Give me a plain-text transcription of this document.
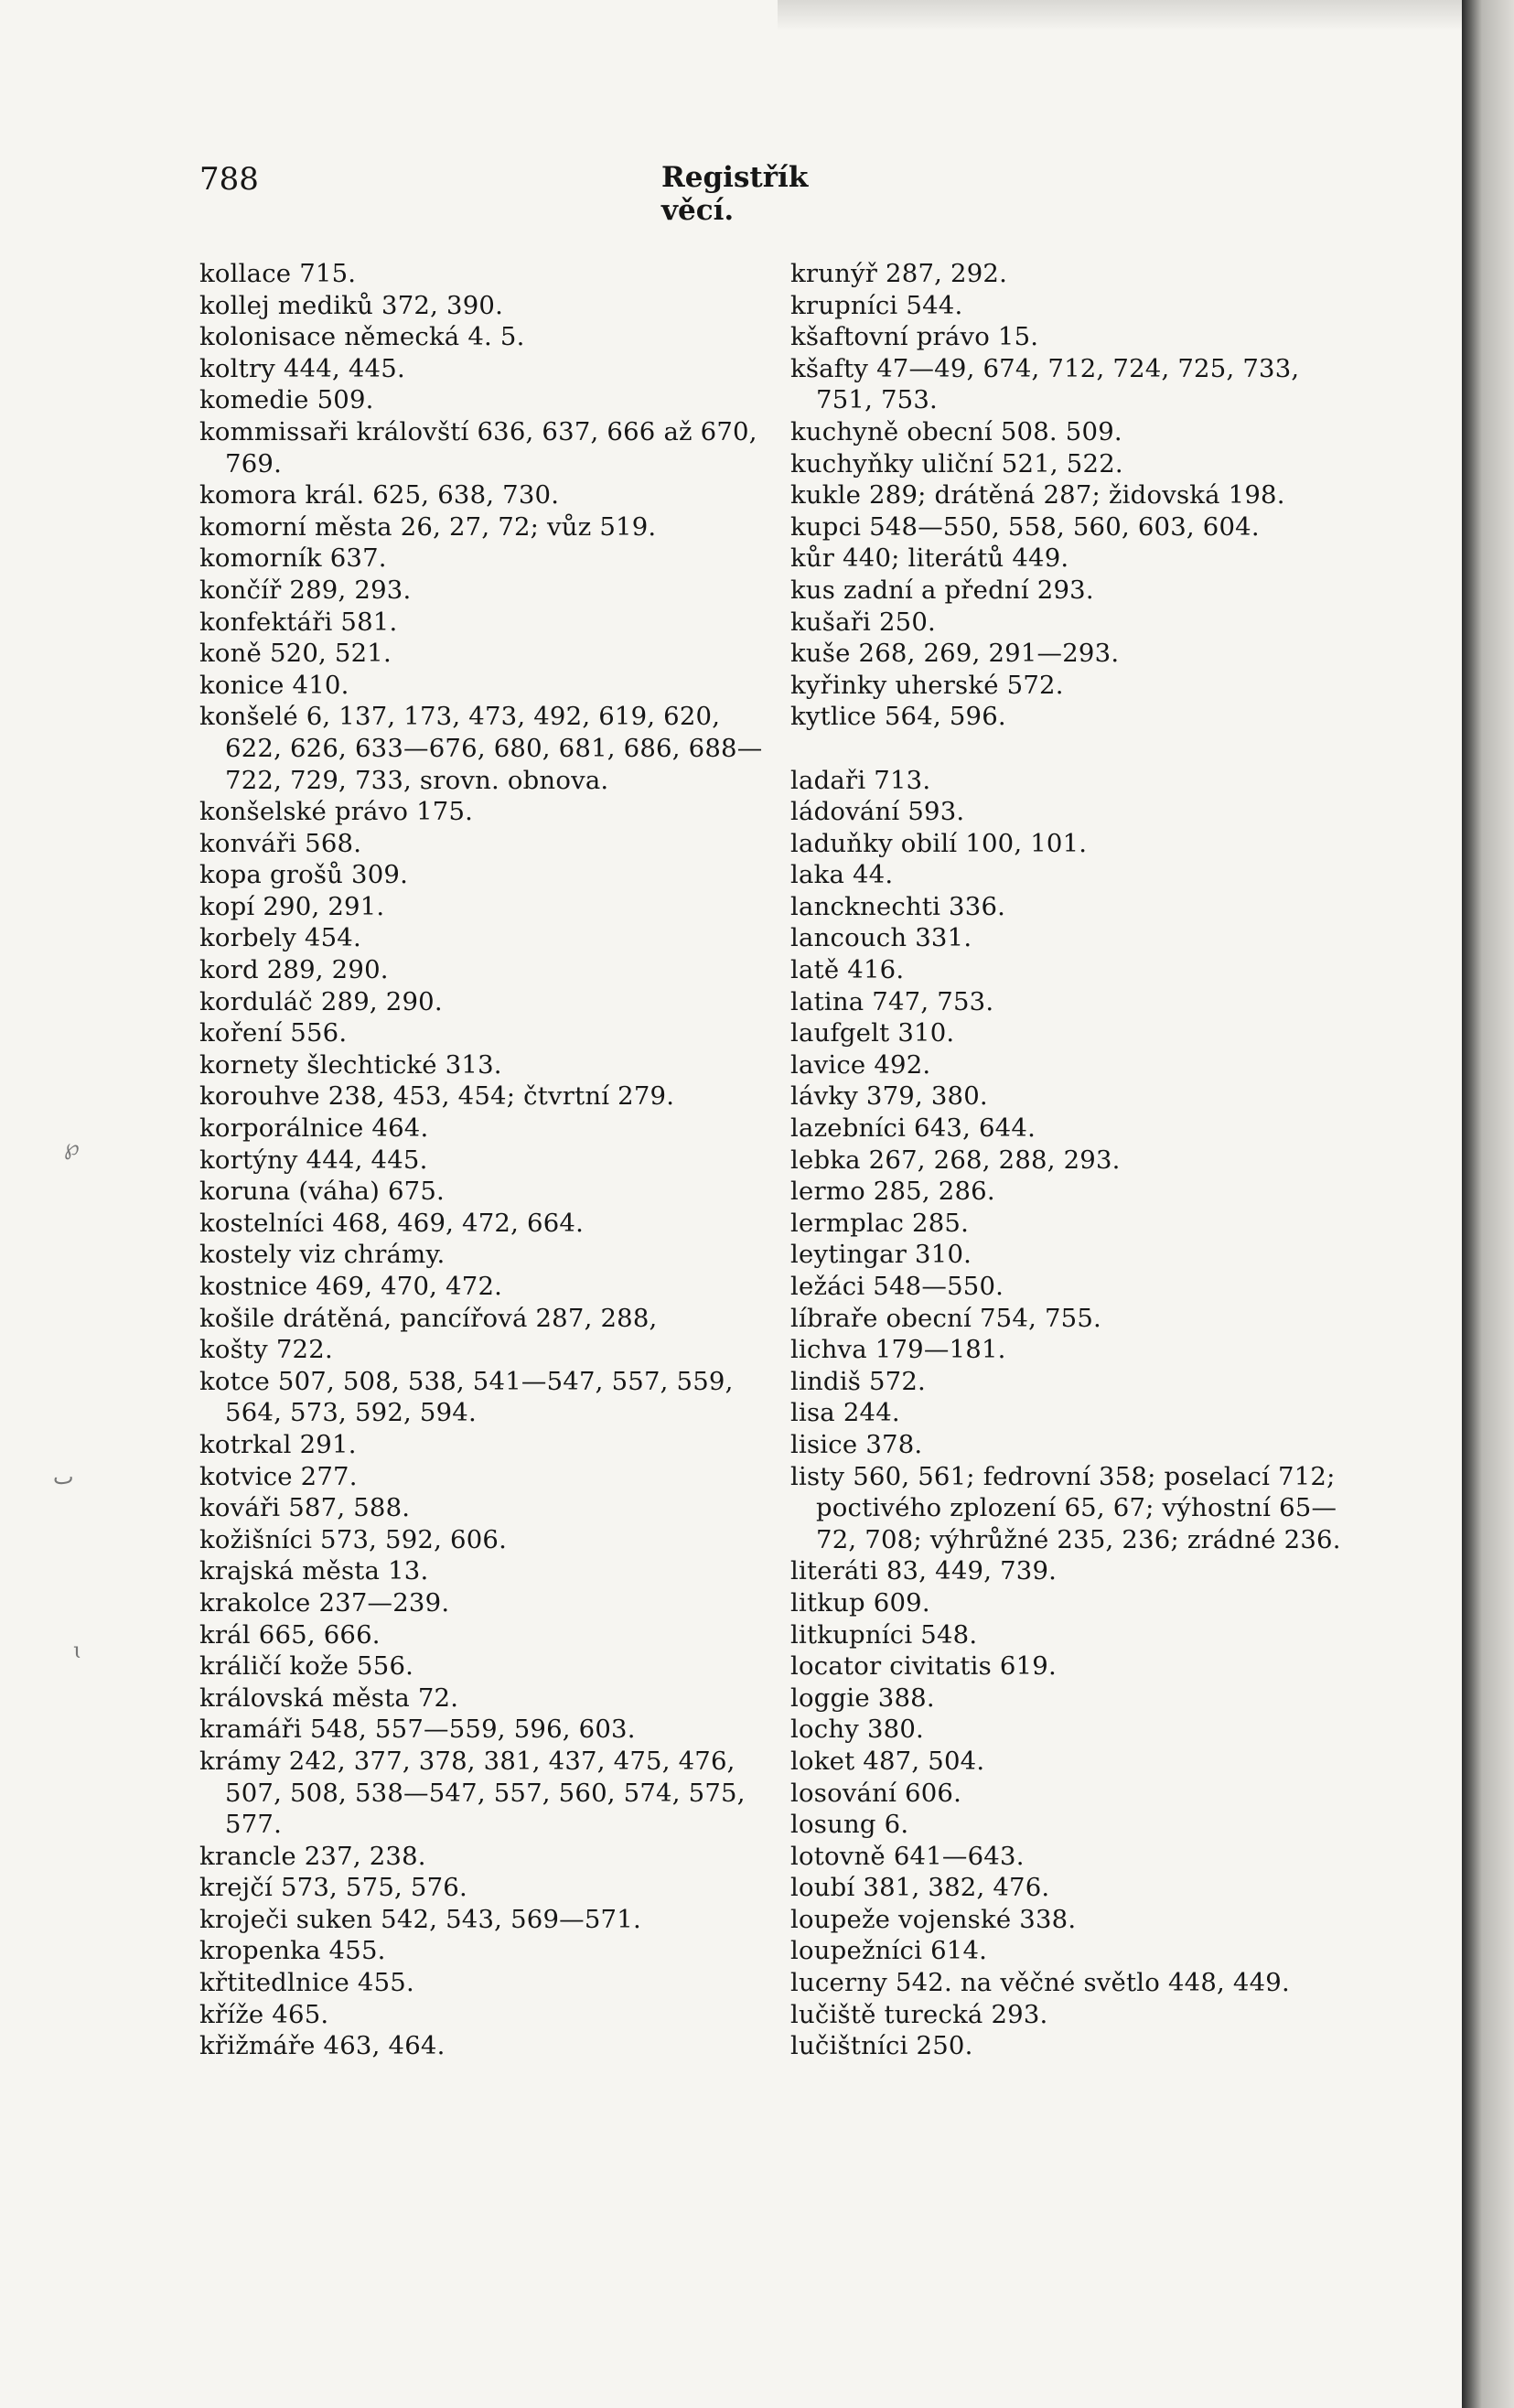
788	Registřík věcí.
kollace 715.
kollej mediků 372, 390.
kolonisace německá 4. 5.
koltry 444, 445.
komedie 509.
kommissaři královští 636, 637, 666 až 670, 769.
komora král. 625, 638, 730.
komorní města 26, 27, 72; vůz 519.
komorník 637.
končíř 289, 293.
konfektáři 581.
koně 520, 521.
konice 410.
konšelé 6, 137, 173, 473, 492, 619, 620, 622, 626, 633—676, 680, 681, 686, 688—722, 729, 733, srovn. obnova.
konšelské právo 175.
konváři 568.
kopa grošů 309.
kopí 290, 291.
korbely 454.
kord 289, 290.
korduláč 289, 290.
koření 556.
kornety šlechtické 313.
korouhve 238, 453, 454; čtvrtní 279.
korporálnice 464.
kortýny 444, 445.
koruna (váha) 675.
kostelníci 468, 469, 472, 664.
kostely viz chrámy.
kostnice 469, 470, 472.
košile drátěná, pancířová 287, 288,
košty 722.
kotce 507, 508, 538, 541—547, 557, 559, 564, 573, 592, 594.
kotrkal 291.
kotvice 277.
kováři 587, 588.
kožišníci 573, 592, 606.
krajská města 13.
krakolce 237—239.
král 665, 666.
králičí kože 556.
královská města 72.
kramáři 548, 557—559, 596, 603.
krámy 242, 377, 378, 381, 437, 475, 476, 507, 508, 538—547, 557, 560, 574, 575, 577.
krancle 237, 238.
krejčí 573, 575, 576.
kroječi suken 542, 543, 569—571.
kropenka 455.
křtitedlnice 455.
kříže 465.
křižmáře 463, 464.
krunýř 287, 292.
krupníci 544.
kšaftovní právo 15.
kšafty 47—49, 674, 712, 724, 725, 733, 751, 753.
kuchyně obecní 508. 509.
kuchyňky uliční 521, 522.
kukle 289; drátěná 287; židovská 198.
kupci 548—550, 558, 560, 603, 604.
kůr 440; literátů 449.
kus zadní a přední 293.
kušaři 250.
kuše 268, 269, 291—293.
kyřinky uherské 572.
kytlice 564, 596.
ladaři 713.
ládování 593.
laduňky obilí 100, 101.
laka 44.
lancknechti 336.
lancouch 331.
latě 416.
latina 747, 753.
laufgelt 310.
lavice 492.
lávky 379, 380.
lazebníci 643, 644.
lebka 267, 268, 288, 293.
lermo 285, 286.
lermplac 285.
leytingar 310.
ležáci 548—550.
líbraře obecní 754, 755.
lichva 179—181.
lindiš 572.
lisa 244.
lisice 378.
listy 560, 561; fedrovní 358; poselací 712; poctivého zplození 65, 67; výhostní 65—72, 708; výhrůžné 235, 236; zrádné 236.
literáti 83, 449, 739.
litkup 609.
litkupníci 548.
locator civitatis 619.
loggie 388.
lochy 380.
loket 487, 504.
losování 606.
losung 6.
lotovně 641—643.
loubí 381, 382, 476.
loupeže vojenské 338.
loupežníci 614.
lucerny 542. na věčné světlo 448, 449.
lučiště turecká 293.
lučištníci 250.
℘
ٮ
ɩ
